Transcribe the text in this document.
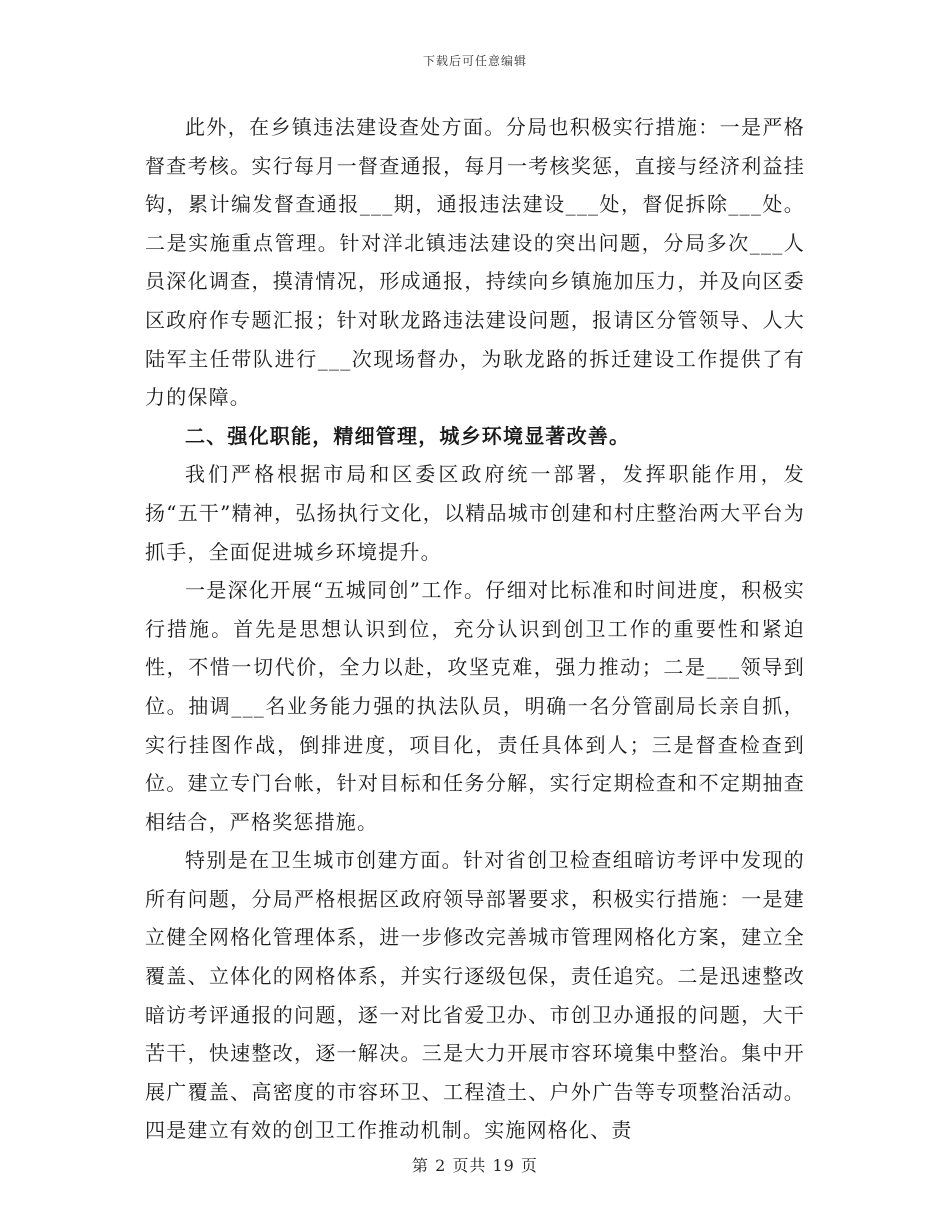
下载后可任意编辑

此外，在乡镇违法建设查处方面。分局也积极实行措施：一是严格督查考核。实行每月一督查通报，每月一考核奖惩，直接与经济利益挂钩，累计编发督查通报___期，通报违法建设___处，督促拆除___处。二是实施重点管理。针对洋北镇违法建设的突出问题，分局多次___人员深化调查，摸清情况，形成通报，持续向乡镇施加压力，并及向区委区政府作专题汇报；针对耿龙路违法建设问题，报请区分管领导、人大陆军主任带队进行___次现场督办，为耿龙路的拆迁建设工作提供了有力的保障。

二、强化职能，精细管理，城乡环境显著改善。

我们严格根据市局和区委区政府统一部署，发挥职能作用，发扬“五干”精神，弘扬执行文化，以精品城市创建和村庄整治两大平台为抓手，全面促进城乡环境提升。

一是深化开展“五城同创”工作。仔细对比标准和时间进度，积极实行措施。首先是思想认识到位，充分认识到创卫工作的重要性和紧迫性，不惜一切代价，全力以赴，攻坚克难，强力推动；二是___领导到位。抽调___名业务能力强的执法队员，明确一名分管副局长亲自抓，实行挂图作战，倒排进度，项目化，责任具体到人；三是督查检查到位。建立专门台帐，针对目标和任务分解，实行定期检查和不定期抽查相结合，严格奖惩措施。

特别是在卫生城市创建方面。针对省创卫检查组暗访考评中发现的所有问题，分局严格根据区政府领导部署要求，积极实行措施：一是建立健全网格化管理体系，进一步修改完善城市管理网格化方案，建立全覆盖、立体化的网格体系，并实行逐级包保，责任追究。二是迅速整改暗访考评通报的问题，逐一对比省爱卫办、市创卫办通报的问题，大干苦干，快速整改，逐一解决。三是大力开展市容环境集中整治。集中开展广覆盖、高密度的市容环卫、工程渣土、户外广告等专项整治活动。四是建立有效的创卫工作推动机制。实施网格化、责

第 2 页共 19 页
